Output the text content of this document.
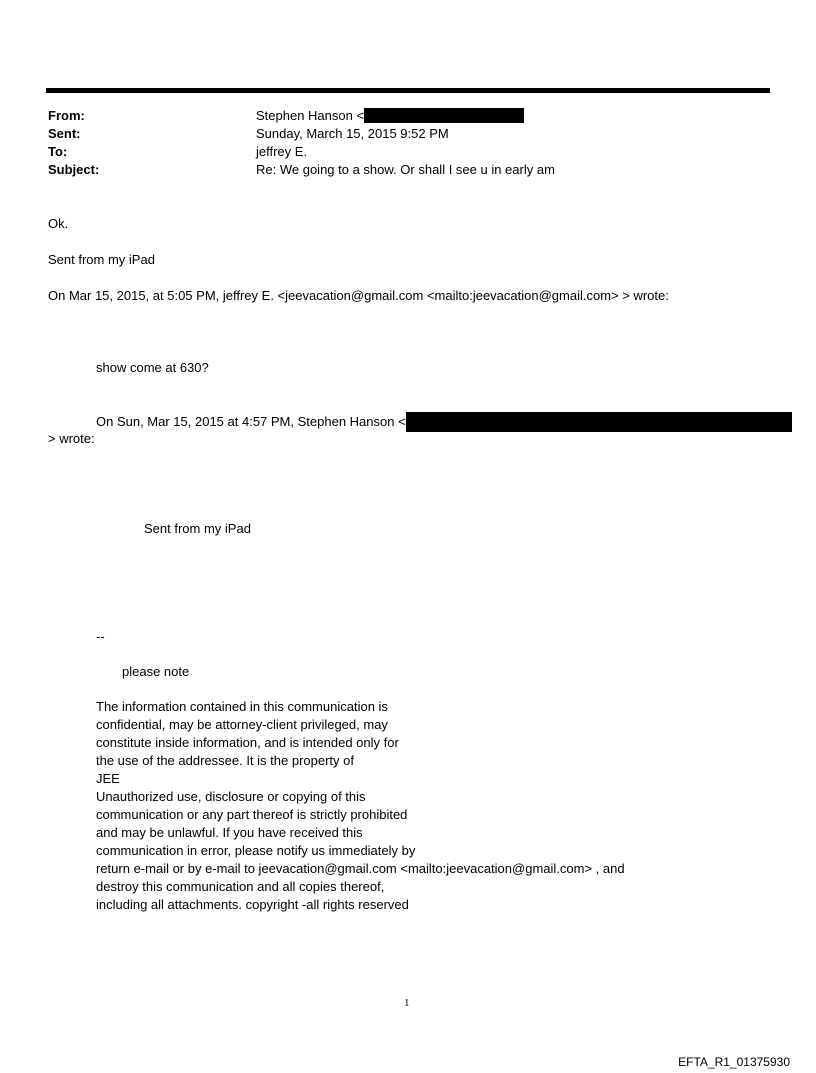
From:	Stephen Hanson <
Sent:	Sunday, March 15, 2015 9:52 PM
To:	jeffrey E.
Subject:	Re: We going to a show. Or shall I see u in early am
Ok.
Sent from my iPad
On Mar 15, 2015, at 5:05 PM, jeffrey E. <jeevacation@gmail.com <mailto:jeevacation@gmail.com> > wrote:
show come at 630?
On Sun, Mar 15, 2015 at 4:57 PM, Stephen Hanson <
> wrote:
Sent from my iPad
--
please note
The information contained in this communication is
confidential, may be attorney-client privileged, may
constitute inside information, and is intended only for
the use of the addressee. It is the property of
JEE
Unauthorized use, disclosure or copying of this
communication or any part thereof is strictly prohibited
and may be unlawful. If you have received this
communication in error, please notify us immediately by
return e-mail or by e-mail to jeevacation@gmail.com <mailto:jeevacation@gmail.com> , and
destroy this communication and all copies thereof,
including all attachments. copyright -all rights reserved
1
EFTA_R1_01375930
